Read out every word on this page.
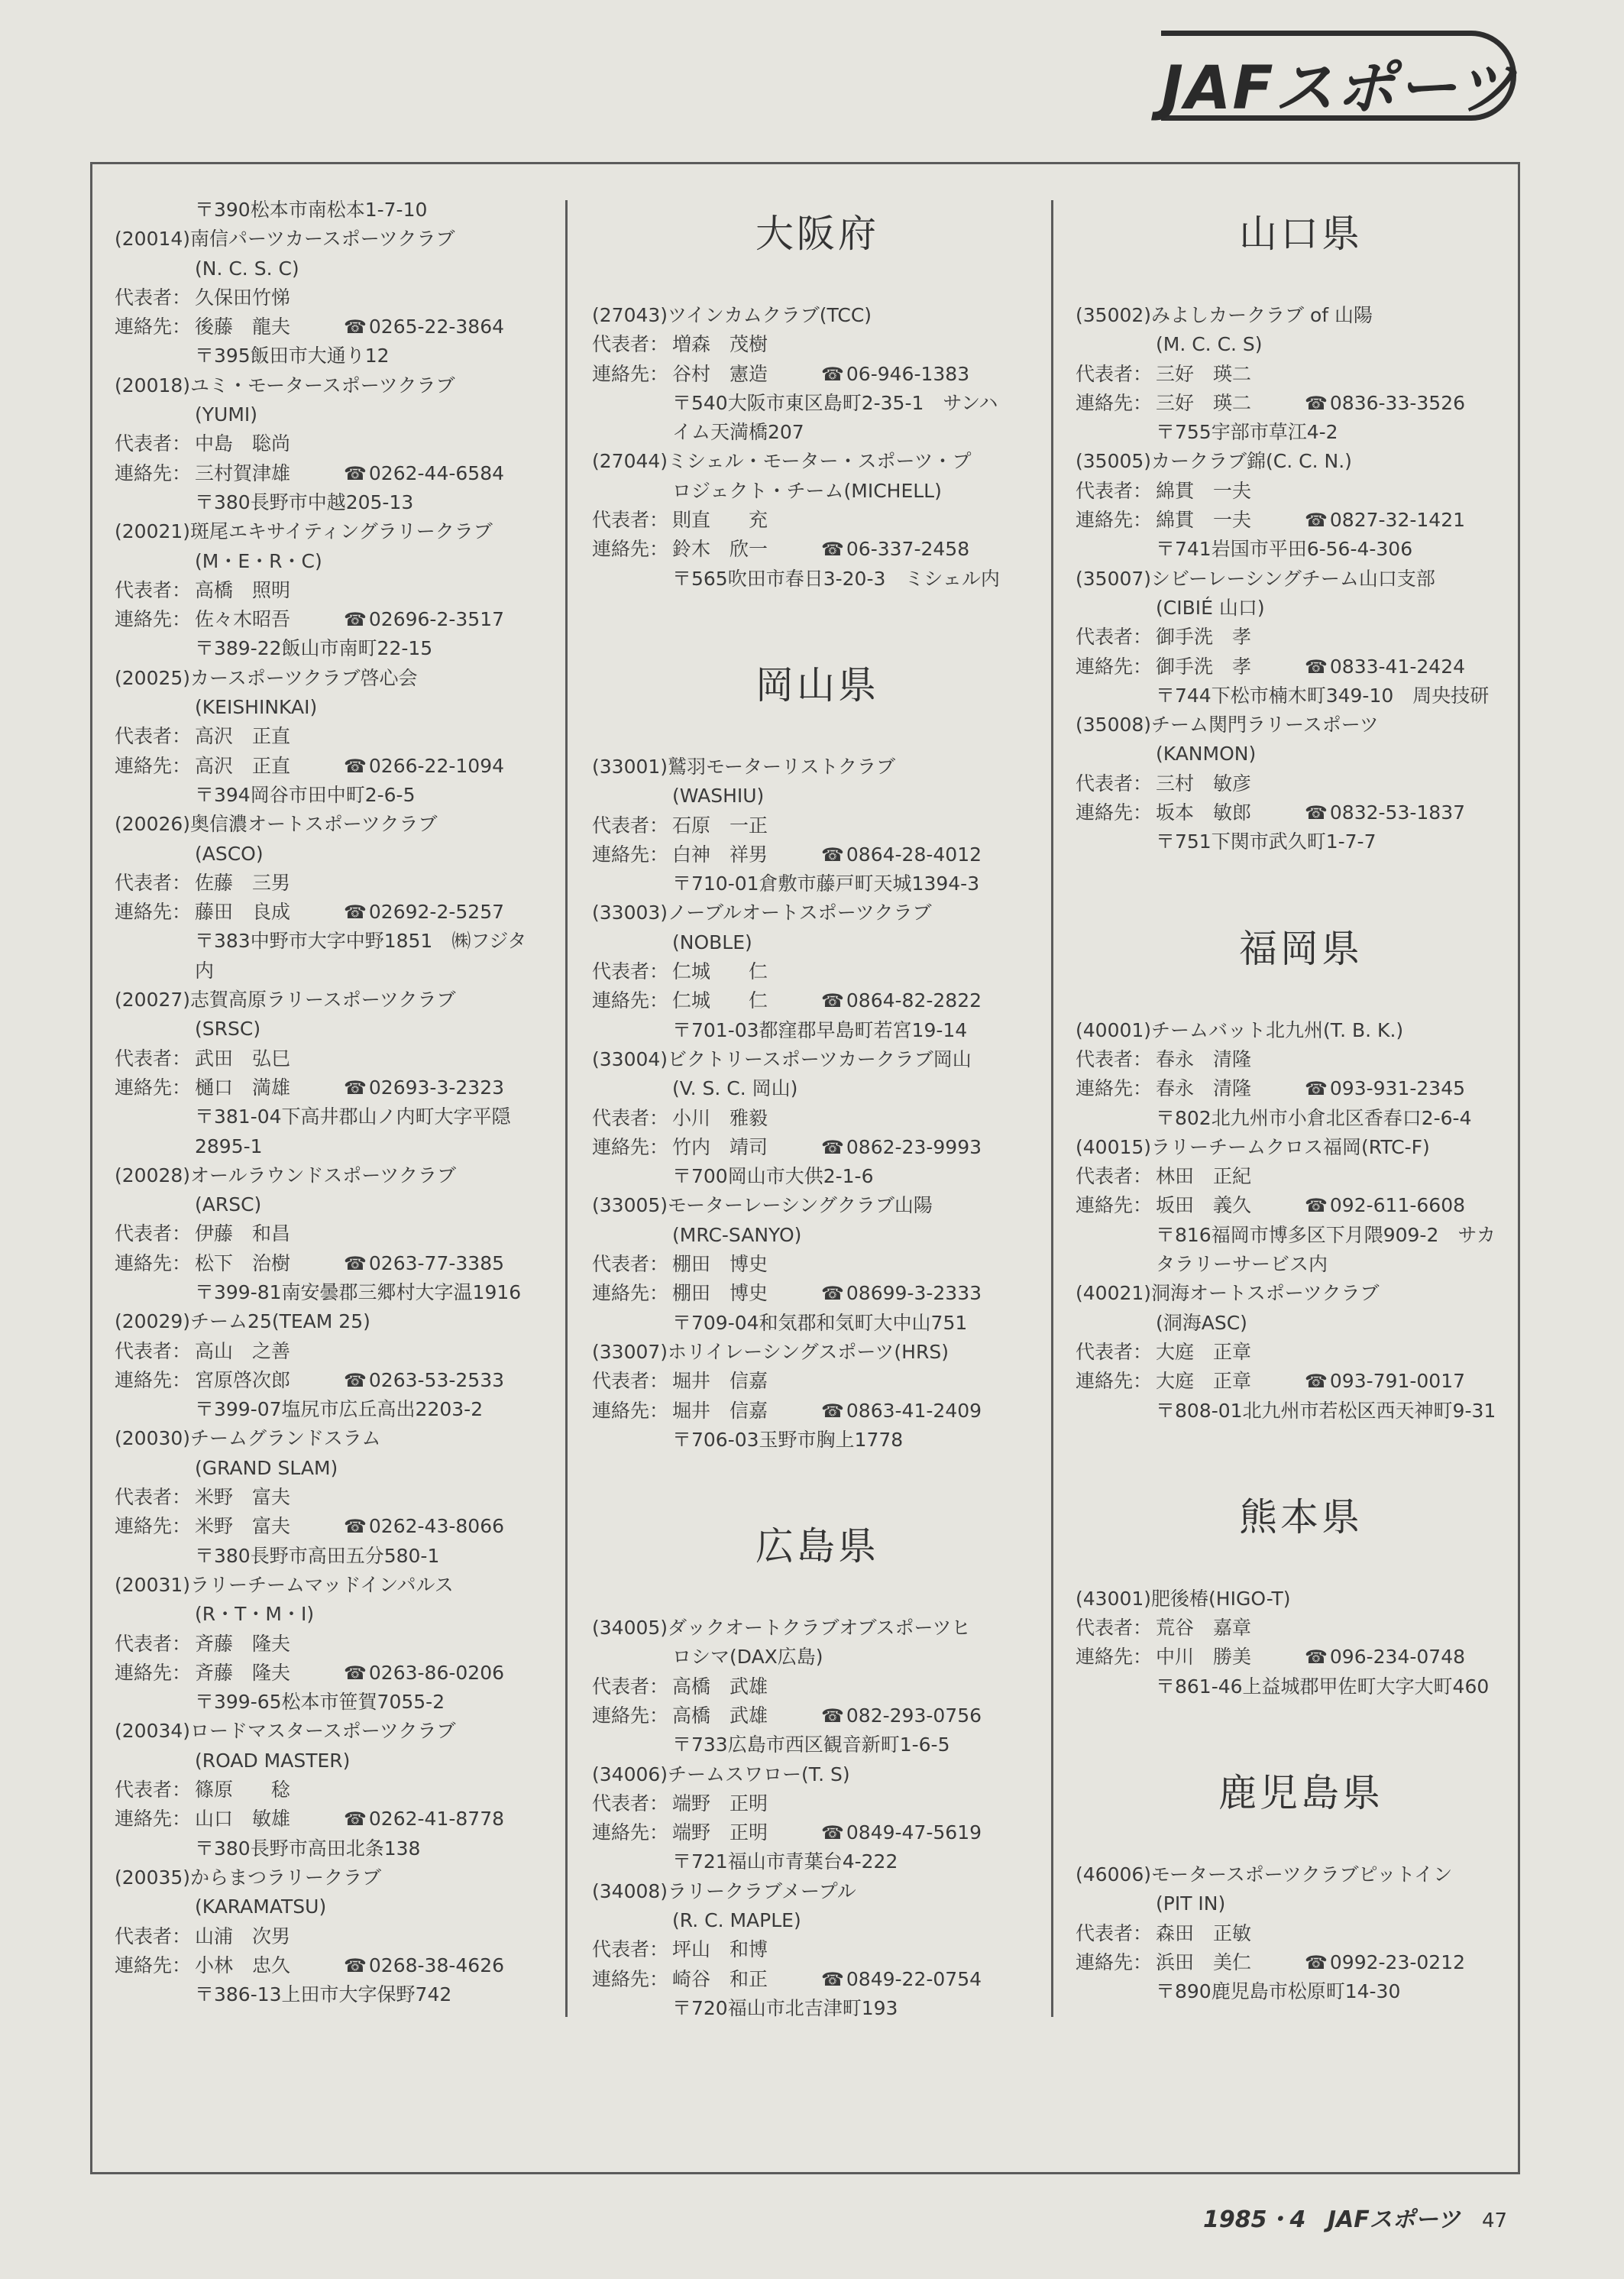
JAFスポーツ
〒390松本市南松本1-7-10
(20014)南信パーツカースポーツクラブ
(N. C. S. C)
代表者： 久保田竹悌
連絡先： 後藤　龍夫	☎ 0265-22-3864
〒395飯田市大通り12
(20018)ユミ・モータースポーツクラブ
(YUMI)
代表者： 中島　聡尚
連絡先： 三村賀津雄	☎ 0262-44-6584
〒380長野市中越205-13
(20021)斑尾エキサイティングラリークラブ
(M・E・R・C)
代表者： 高橋　照明
連絡先： 佐々木昭吾	☎ 02696-2-3517
〒389-22飯山市南町22-15
(20025)カースポーツクラブ啓心会
(KEISHINKAI)
代表者： 高沢　正直
連絡先： 高沢　正直	☎ 0266-22-1094
〒394岡谷市田中町2-6-5
(20026)奥信濃オートスポーツクラブ
(ASCO)
代表者： 佐藤　三男
連絡先： 藤田　良成	☎ 02692-2-5257
〒383中野市大字中野1851　㈱フジタ
内
(20027)志賀高原ラリースポーツクラブ
(SRSC)
代表者： 武田　弘巳
連絡先： 樋口　満雄	☎ 02693-3-2323
〒381-04下高井郡山ノ内町大字平隠
2895-1
(20028)オールラウンドスポーツクラブ
(ARSC)
代表者： 伊藤　和昌
連絡先： 松下　治樹	☎ 0263-77-3385
〒399-81南安曇郡三郷村大字温1916
(20029)チーム25(TEAM 25)
代表者： 高山　之善
連絡先： 宮原啓次郎	☎ 0263-53-2533
〒399-07塩尻市広丘高出2203-2
(20030)チームグランドスラム
(GRAND SLAM)
代表者： 米野　富夫
連絡先： 米野　富夫	☎ 0262-43-8066
〒380長野市高田五分580-1
(20031)ラリーチームマッドインパルス
(R・T・M・I)
代表者： 斉藤　隆夫
連絡先： 斉藤　隆夫	☎ 0263-86-0206
〒399-65松本市笹賀7055-2
(20034)ロードマスタースポーツクラブ
(ROAD MASTER)
代表者： 篠原　　稔
連絡先： 山口　敏雄	☎ 0262-41-8778
〒380長野市高田北条138
(20035)からまつラリークラブ
(KARAMATSU)
代表者： 山浦　次男
連絡先： 小林　忠久	☎ 0268-38-4626
〒386-13上田市大字保野742
大阪府
(27043)ツインカムクラブ(TCC)
代表者： 増森　茂樹
連絡先： 谷村　憲造	☎ 06-946-1383
〒540大阪市東区島町2-35-1　サンハ
イム天満橋207
(27044)ミシェル・モーター・スポーツ・プ
ロジェクト・チーム(MICHELL)
代表者： 則直　　充
連絡先： 鈴木　欣一	☎ 06-337-2458
〒565吹田市春日3-20-3　ミシェル内
岡山県
(33001)鷲羽モーターリストクラブ
(WASHIU)
代表者： 石原　一正
連絡先： 白神　祥男	☎ 0864-28-4012
〒710-01倉敷市藤戸町天城1394-3
(33003)ノーブルオートスポーツクラブ
(NOBLE)
代表者： 仁城　　仁
連絡先： 仁城　　仁	☎ 0864-82-2822
〒701-03都窪郡早島町若宮19-14
(33004)ビクトリースポーツカークラブ岡山
(V. S. C. 岡山)
代表者： 小川　雅毅
連絡先： 竹内　靖司	☎ 0862-23-9993
〒700岡山市大供2-1-6
(33005)モーターレーシングクラブ山陽
(MRC-SANYO)
代表者： 棚田　博史
連絡先： 棚田　博史	☎ 08699-3-2333
〒709-04和気郡和気町大中山751
(33007)ホリイレーシングスポーツ(HRS)
代表者： 堀井　信嘉
連絡先： 堀井　信嘉	☎ 0863-41-2409
〒706-03玉野市胸上1778
広島県
(34005)ダックオートクラブオブスポーツヒ
ロシマ(DAX広島)
代表者： 高橋　武雄
連絡先： 高橋　武雄	☎ 082-293-0756
〒733広島市西区観音新町1-6-5
(34006)チームスワロー(T. S)
代表者： 端野　正明
連絡先： 端野　正明	☎ 0849-47-5619
〒721福山市青葉台4-222
(34008)ラリークラブメープル
(R. C. MAPLE)
代表者： 坪山　和博
連絡先： 崎谷　和正	☎ 0849-22-0754
〒720福山市北吉津町193
山口県
(35002)みよしカークラブ of 山陽
(M. C. C. S)
代表者： 三好　瑛二
連絡先： 三好　瑛二	☎ 0836-33-3526
〒755宇部市草江4-2
(35005)カークラブ錦(C. C. N.)
代表者： 綿貫　一夫
連絡先： 綿貫　一夫	☎ 0827-32-1421
〒741岩国市平田6-56-4-306
(35007)シビーレーシングチーム山口支部
(CIBIÉ 山口)
代表者： 御手洗　孝
連絡先： 御手洗　孝	☎ 0833-41-2424
〒744下松市楠木町349-10　周央技研
(35008)チーム関門ラリースポーツ
(KANMON)
代表者： 三村　敏彦
連絡先： 坂本　敏郎	☎ 0832-53-1837
〒751下関市武久町1-7-7
福岡県
(40001)チームバット北九州(T. B. K.)
代表者： 春永　清隆
連絡先： 春永　清隆	☎ 093-931-2345
〒802北九州市小倉北区香春口2-6-4
(40015)ラリーチームクロス福岡(RTC-F)
代表者： 林田　正紀
連絡先： 坂田　義久	☎ 092-611-6608
〒816福岡市博多区下月隈909-2　サカ
タラリーサービス内
(40021)洞海オートスポーツクラブ
(洞海ASC)
代表者： 大庭　正章
連絡先： 大庭　正章	☎ 093-791-0017
〒808-01北九州市若松区西天神町9-31
熊本県
(43001)肥後椿(HIGO-T)
代表者： 荒谷　嘉章
連絡先： 中川　勝美	☎ 096-234-0748
〒861-46上益城郡甲佐町大字大町460
鹿児島県
(46006)モータースポーツクラブピットイン
(PIT IN)
代表者： 森田　正敏
連絡先： 浜田　美仁	☎ 0992-23-0212
〒890鹿児島市松原町14-30
1985・4 JAFスポーツ 47
